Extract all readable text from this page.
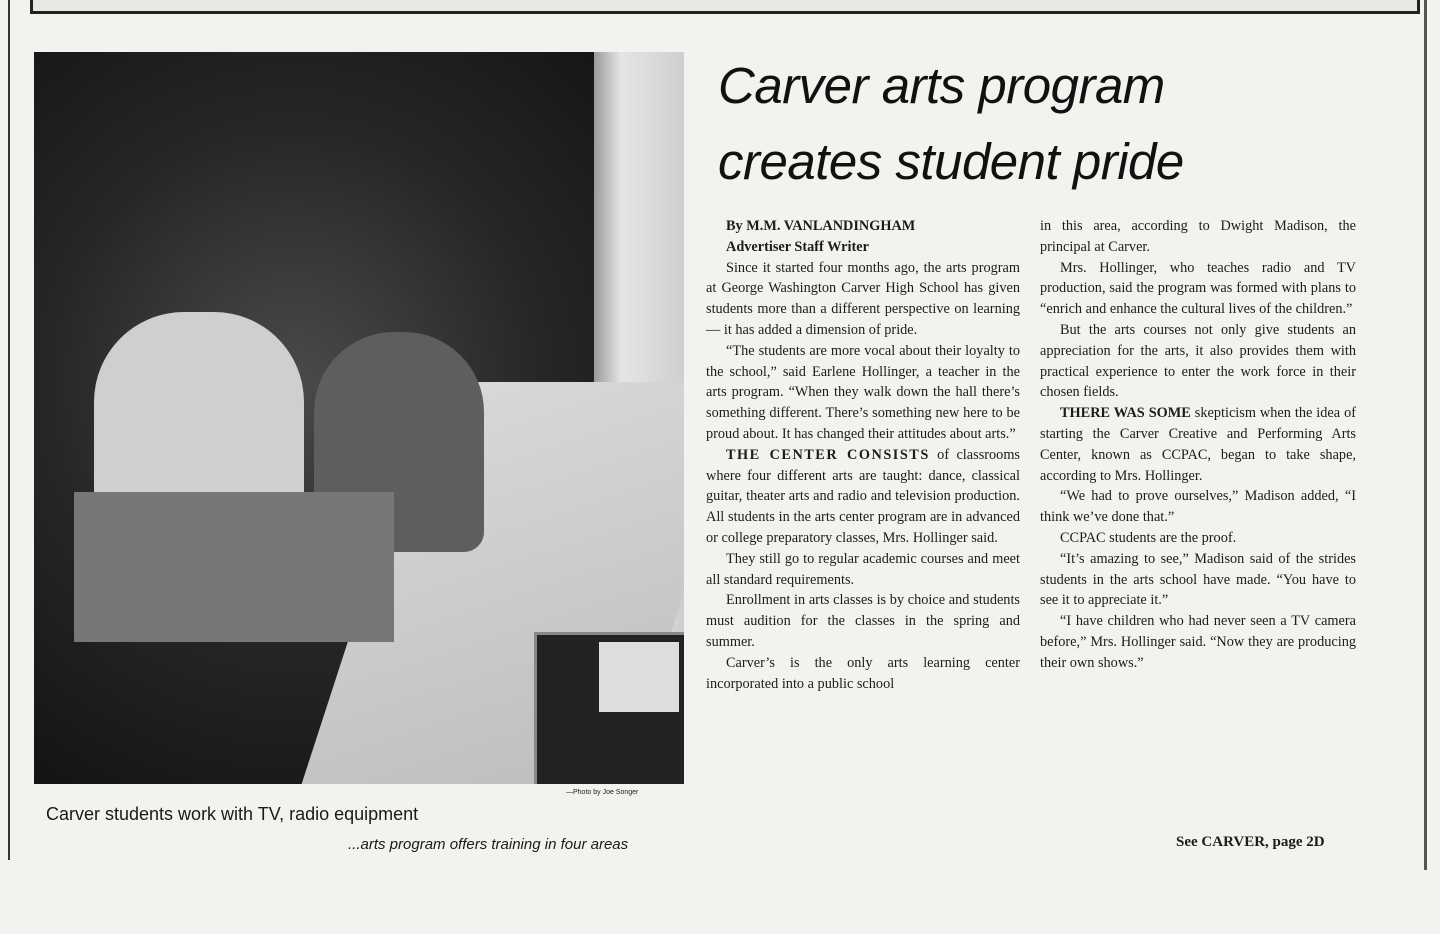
—Photo by Joe Songer
Carver students work with TV, radio equipment
...arts program offers training in four areas
Carver arts program
creates student pride
By M.M. VANLANDINGHAM
Advertiser Staff Writer

Since it started four months ago, the arts program at George Washington Carver High School has given students more than a different perspective on learning — it has added a dimension of pride.

“The students are more vocal about their loyalty to the school,” said Earlene Hollinger, a teacher in the arts program. “When they walk down the hall there’s something different. There’s something new here to be proud about. It has changed their attitudes about arts.”

THE CENTER CONSISTS of classrooms where four different arts are taught: dance, classical guitar, theater arts and radio and television production. All students in the arts center program are in advanced or college preparatory classes, Mrs. Hollinger said.

They still go to regular academic courses and meet all standard requirements.

Enrollment in arts classes is by choice and students must audition for the classes in the spring and summer.

Carver’s is the only arts learning center incorporated into a public school

in this area, according to Dwight Madison, the principal at Carver.

Mrs. Hollinger, who teaches radio and TV production, said the program was formed with plans to “enrich and enhance the cultural lives of the children.”

But the arts courses not only give students an appreciation for the arts, it also provides them with practical experience to enter the work force in their chosen fields.

THERE WAS SOME skepticism when the idea of starting the Carver Creative and Performing Arts Center, known as CCPAC, began to take shape, according to Mrs. Hollinger.

“We had to prove ourselves,” Madison added, “I think we’ve done that.”

CCPAC students are the proof.

“It’s amazing to see,” Madison said of the strides students in the arts school have made. “You have to see it to appreciate it.”

“I have children who had never seen a TV camera before,” Mrs. Hollinger said. “Now they are producing their own shows.”

See CARVER, page 2D
